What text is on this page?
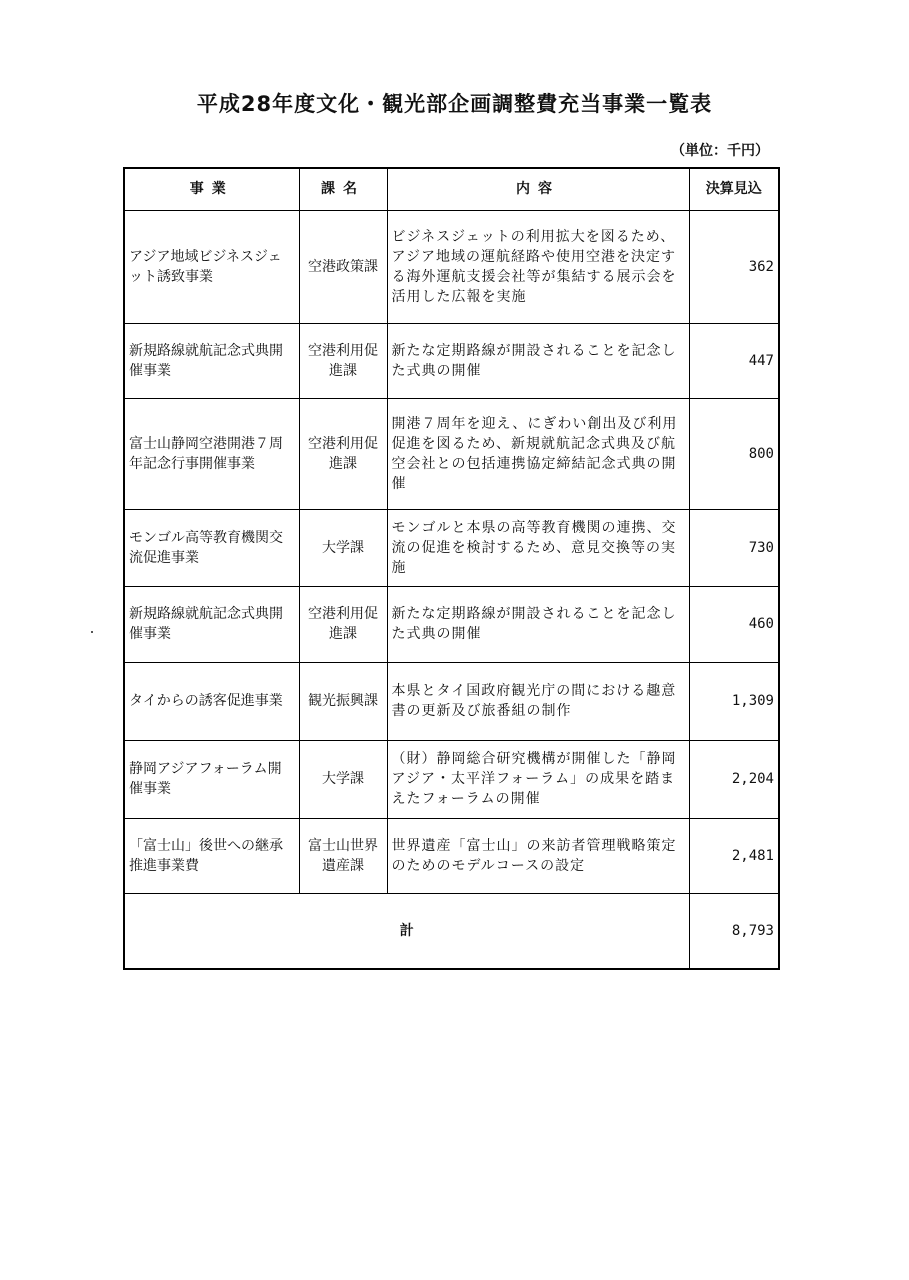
平成28年度文化・観光部企画調整費充当事業一覧表
（単位：千円）
事業	課名	内容	決算見込
アジア地域ビジネスジェット誘致事業	空港政策課	ビジネスジェットの利用拡大を図るため、アジア地域の運航経路や使用空港を決定する海外運航支援会社等が集結する展示会を活用した広報を実施	362
新規路線就航記念式典開催事業	空港利用促進課	新たな定期路線が開設されることを記念した式典の開催	447
富士山静岡空港開港７周年記念行事開催事業	空港利用促進課	開港７周年を迎え、にぎわい創出及び利用促進を図るため、新規就航記念式典及び航空会社との包括連携協定締結記念式典の開催	800
モンゴル高等教育機関交流促進事業	大学課	モンゴルと本県の高等教育機関の連携、交流の促進を検討するため、意見交換等の実施	730
新規路線就航記念式典開催事業	空港利用促進課	新たな定期路線が開設されることを記念した式典の開催	460
タイからの誘客促進事業	観光振興課	本県とタイ国政府観光庁の間における趣意書の更新及び旅番組の制作	1,309
静岡アジアフォーラム開催事業	大学課	（財）静岡総合研究機構が開催した「静岡アジア・太平洋フォーラム」の成果を踏まえたフォーラムの開催	2,204
「富士山」後世への継承推進事業費	富士山世界遺産課	世界遺産「富士山」の来訪者管理戦略策定のためのモデルコースの設定	2,481
計			8,793
